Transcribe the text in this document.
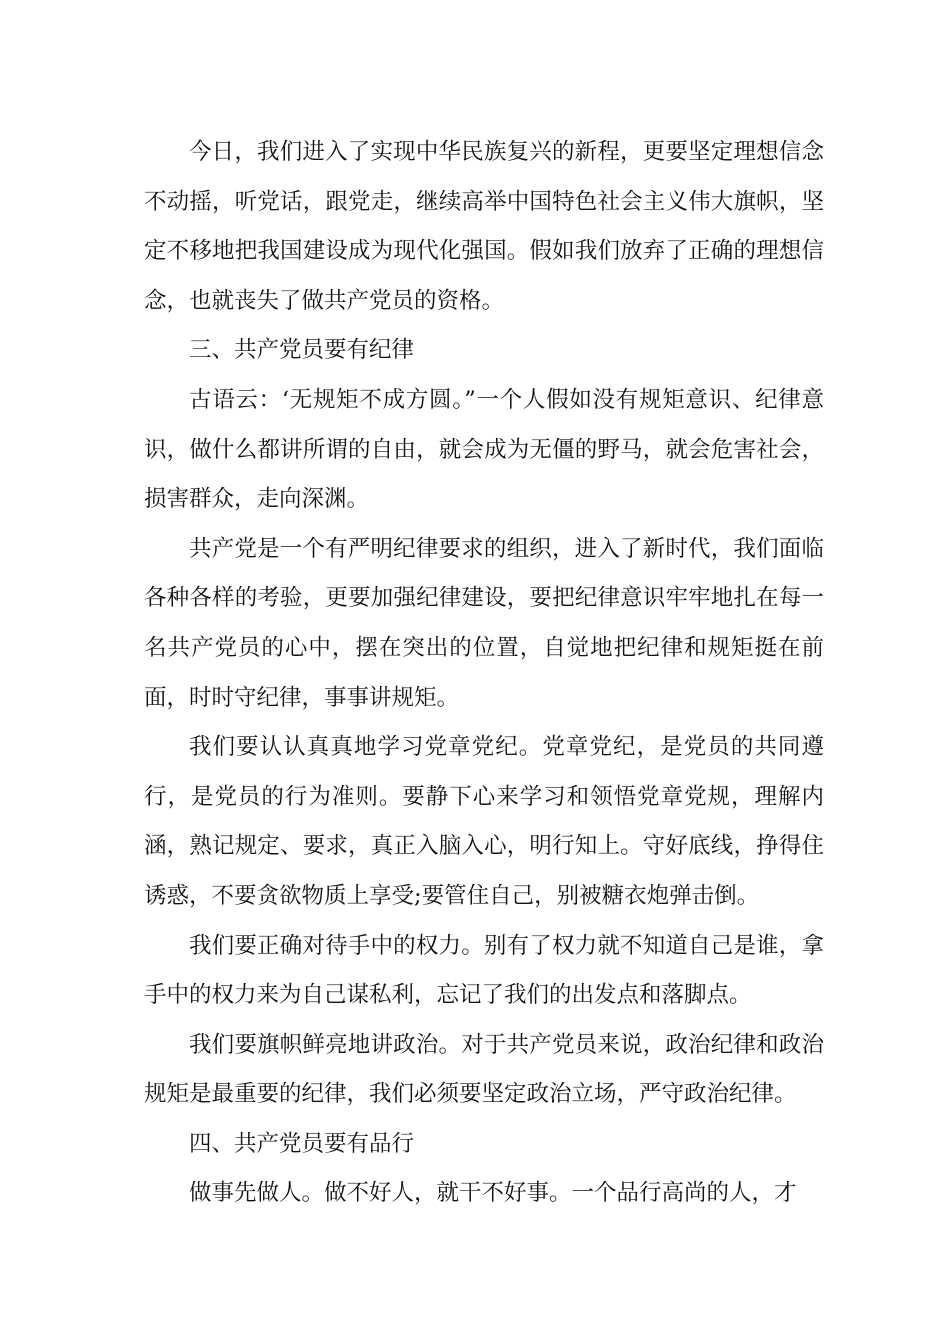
今日，我们进入了实现中华民族复兴的新程，更要坚定理想信念不动摇，听党话，跟党走，继续高举中国特色社会主义伟大旗帜，坚定不移地把我国建设成为现代化强国。假如我们放弃了正确的理想信念，也就丧失了做共产党员的资格。

三、共产党员要有纪律

古语云：‘无规矩不成方圆。”一个人假如没有规矩意识、纪律意识，做什么都讲所谓的自由，就会成为无僵的野马，就会危害社会，损害群众，走向深渊。

共产党是一个有严明纪律要求的组织，进入了新时代，我们面临各种各样的考验，更要加强纪律建设，要把纪律意识牢牢地扎在每一名共产党员的心中，摆在突出的位置，自觉地把纪律和规矩挺在前面，时时守纪律，事事讲规矩。

我们要认认真真地学习党章党纪。党章党纪，是党员的共同遵行，是党员的行为准则。要静下心来学习和领悟党章党规，理解内涵，熟记规定、要求，真正入脑入心，明行知上。守好底线，挣得住诱惑，不要贪欲物质上享受;要管住自己，别被糖衣炮弹击倒。

我们要正确对待手中的权力。别有了权力就不知道自己是谁，拿手中的权力来为自己谋私利，忘记了我们的出发点和落脚点。

我们要旗帜鲜亮地讲政治。对于共产党员来说，政治纪律和政治规矩是最重要的纪律，我们必须要坚定政治立场，严守政治纪律。

四、共产党员要有品行

做事先做人。做不好人，就干不好事。一个品行高尚的人，才
